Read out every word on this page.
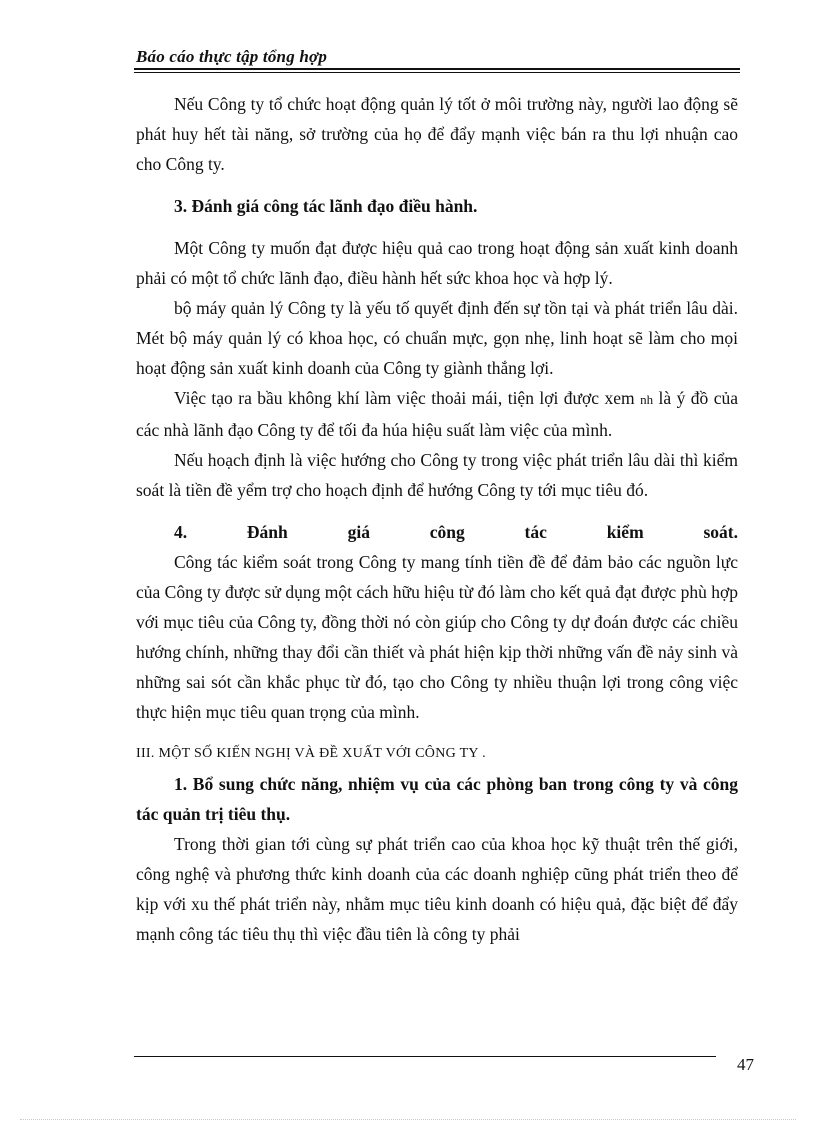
Báo cáo thực tập tổng hợp

Nếu Công ty tổ chức hoạt động quản lý tốt ở môi trường này, người lao động sẽ phát huy hết tài năng, sở trường của họ để đẩy mạnh việc bán ra thu lợi nhuận cao cho Công ty.

3. Đánh giá công tác lãnh đạo điều hành.

Một Công ty muốn đạt được hiệu quả cao trong hoạt động sản xuất kinh doanh phải có một tổ chức lãnh đạo, điều hành hết sức khoa học và hợp lý.

bộ máy quản lý Công ty là yếu tố quyết định đến sự tồn tại và phát triển lâu dài. Mét bộ máy quản lý có khoa học, có chuẩn mực, gọn nhẹ, linh hoạt sẽ làm cho mọi hoạt động sản xuất kinh doanh của Công ty giành thắng lợi.

Việc tạo ra bầu không khí làm việc thoải mái, tiện lợi được xem nh là ý đồ của các nhà lãnh đạo Công ty để tối đa húa hiệu suất làm việc của mình.

Nếu hoạch định là việc hướng cho Công ty trong việc phát triển lâu dài thì kiểm soát là tiền đề yểm trợ cho hoạch định để hướng Công ty tới mục tiêu đó.

4.	Đánh	giá	công	tác	kiểm	soát.

Công tác kiểm soát trong Công ty mang tính tiền đề để đảm bảo các nguồn lực của Công ty được sử dụng một cách hữu hiệu từ đó làm cho kết quả đạt được phù hợp với mục tiêu của Công ty, đồng thời nó còn giúp cho Công ty dự đoán được các chiều hướng chính, những thay đổi cần thiết và phát hiện kịp thời những vấn đề nảy sinh và những sai sót cần khắc phục từ đó, tạo cho Công ty nhiều thuận lợi trong công việc thực hiện mục tiêu quan trọng của mình.

III. MỘT SỐ KIẾN NGHỊ VÀ ĐỀ XUẤT VỚI CÔNG TY .

1. Bổ sung chức năng, nhiệm vụ của các phòng ban trong công ty và công tác quản trị tiêu thụ.

Trong thời gian tới cùng sự phát triển cao của khoa học kỹ thuật trên thế giới, công nghệ và phương thức kinh doanh của các doanh nghiệp cũng phát triển theo để kịp với xu thế phát triển này, nhằm mục tiêu kinh doanh có hiệu quả, đặc biệt để đẩy mạnh công tác tiêu thụ thì việc đầu tiên là công ty phải

47
